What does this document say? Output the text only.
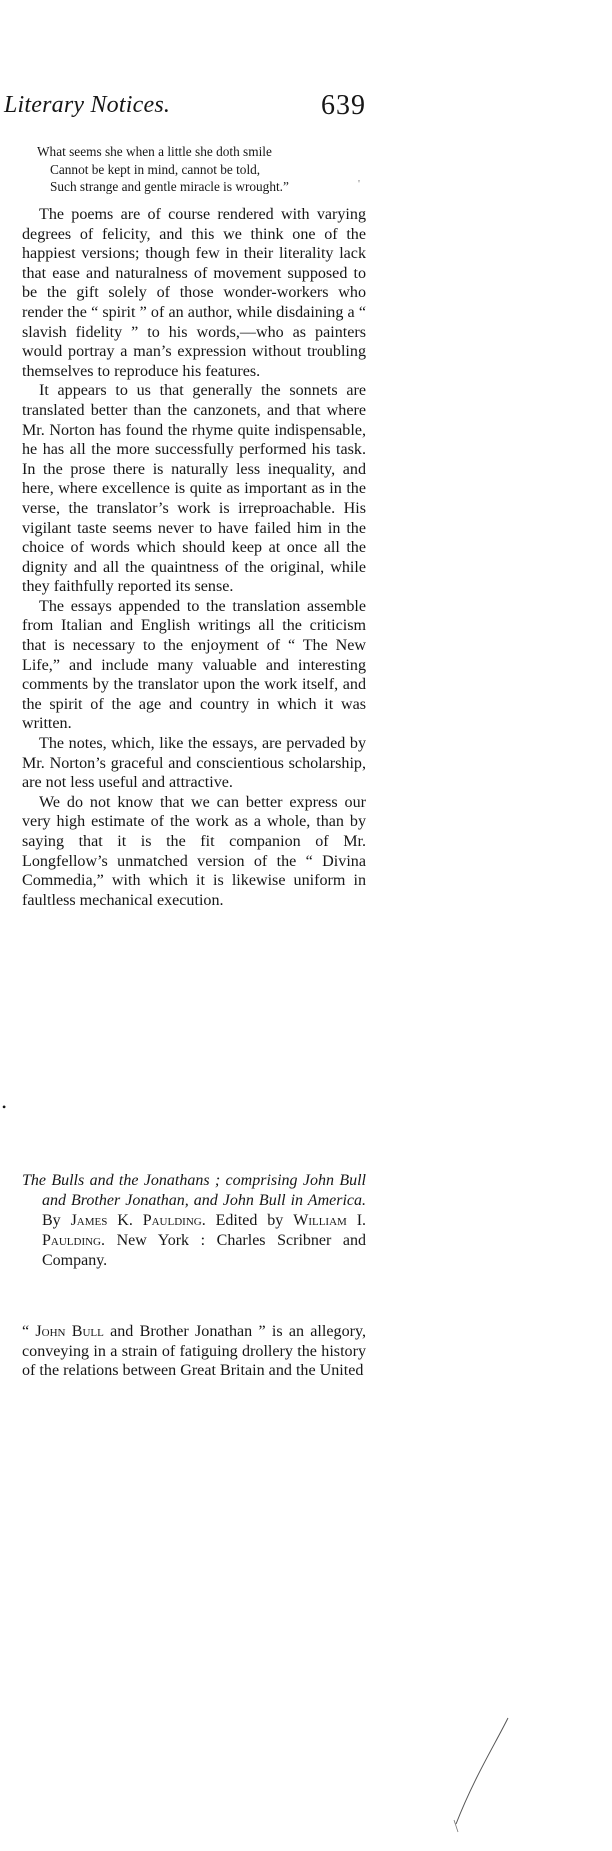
Literary Notices.	639
What seems she when a little she doth smile
Cannot be kept in mind, cannot be told,
Such strange and gentle miracle is wrought.”	'

The poems are of course rendered with varying degrees of felicity, and this we think one of the happiest versions; though few in their literality lack that ease and naturalness of movement supposed to be the gift solely of those wonder-workers who render the “ spirit ” of an author, while disdaining a “ slavish fidelity ” to his words,—who as painters would portray a man’s expression without troubling themselves to reproduce his features.

It appears to us that generally the sonnets are translated better than the canzonets, and that where Mr. Norton has found the rhyme quite indispensable, he has all the more successfully performed his task. In the prose there is naturally less inequality, and here, where excellence is quite as important as in the verse, the translator’s work is irreproachable. His vigilant taste seems never to have failed him in the choice of words which should keep at once all the dignity and all the quaintness of the original, while they faithfully reported its sense.

The essays appended to the translation assemble from Italian and English writings all the criticism that is necessary to the enjoyment of “ The New Life,” and include many valuable and interesting comments by the translator upon the work itself, and the spirit of the age and country in which it was written.

The notes, which, like the essays, are pervaded by Mr. Norton’s graceful and conscientious scholarship, are not less useful and attractive.

We do not know that we can better express our very high estimate of the work as a whole, than by saying that it is the fit companion of Mr. Longfellow’s unmatched version of the “ Divina Commedia,” with which it is likewise uniform in faultless mechanical execution.

•
The Bulls and the Jonathans ; comprising John Bull and Brother Jonathan, and John Bull in America. By James K. Paulding. Edited by William I. Paulding. New York : Charles Scribner and Company.

“ John Bull and Brother Jonathan ” is an allegory, conveying in a strain of fatiguing drollery the history of the relations between Great Britain and the United
